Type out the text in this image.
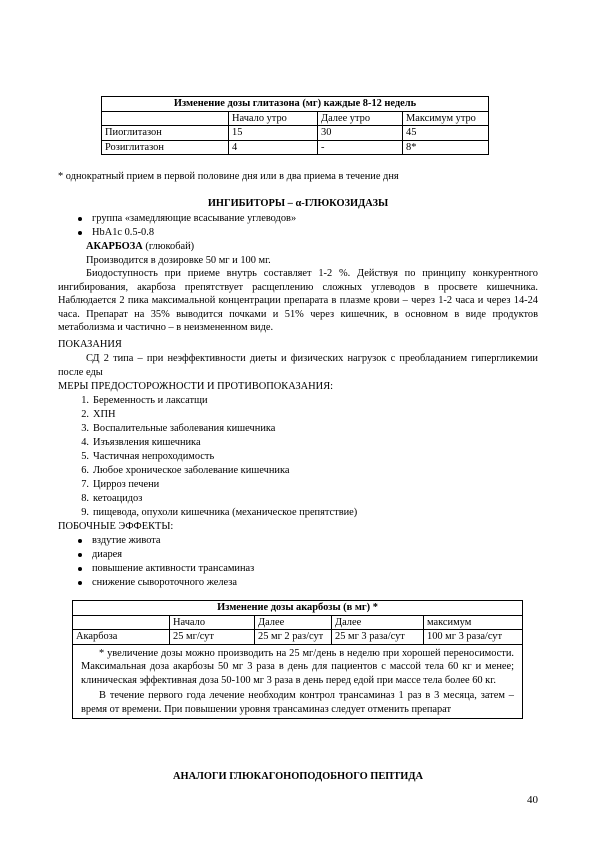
Изменение дозы глитазона (мг) каждые 8-12 недель			
	Начало утро	Далее утро	Максимум утро
Пиоглитазон	15	30	45
Розиглитазон	4	-	8*
* однократный прием в первой половине дня или в два приема в течение дня
ИНГИБИТОРЫ – α-ГЛЮКОЗИДАЗЫ
группа «замедляющие всасывание углеводов»
HbA1c 0.5-0.8
АКАРБОЗА (глюкобай)
Производится в дозировке 50 мг и 100 мг.
Биодоступность при приеме внутрь составляет 1-2 %. Действуя по принципу конкурентного ингибирования, акарбоза препятствует расщеплению сложных углеводов в просвете кишечника. Наблюдается 2 пика максимальной концентрации препарата в плазме крови – через 1-2 часа и через 14-24 часа. Препарат на 35% выводится почками и 51% через кишечник, в основном в виде продуктов метаболизма и частично – в неизмененном виде.
ПОКАЗАНИЯ
СД 2 типа – при неэффективности диеты и физических нагрузок с преобладанием гипергликемии после еды
МЕРЫ ПРЕДОСТОРОЖНОСТИ И ПРОТИВОПОКАЗАНИЯ:
1. Беременность и лаксатщи
2. ХПН
3. Воспалительные заболевания кишечника
4. Изъязвления кишечника
5. Частичная непроходимость
6. Любое хроническое заболевание кишечника
7. Цирроз печени
8. кетоацидоз
9. пищевода, опухоли кишечника (механическое препятствие)
ПОБОЧНЫЕ ЭФФЕКТЫ:
вздутие живота
диарея
повышение активности трансаминаз
снижение сывороточного железа
Изменение дозы акарбозы (в мг) *				
	Начало	Далее	Далее	максимум
Акарбоза	25 мг/сут	25 мг 2 раз/сут	25 мг 3 раза/сут	100 мг 3 раза/сут

* увеличение дозы можно производить на 25 мг/день в неделю при хорошей переносимости. Максимальная доза акарбозы 50 мг 3 раза в день для пациентов с массой тела 60 кг и менее; клиническая эффективная доза 50-100 мг 3 раза в день перед едой при массе тела более 60 кг.
В течение первого года лечение необходим контрол трансаминаз 1 раз в 3 месяца, затем – время от времени. При повышении уровня трансаминаз следует отменить препарат				
АНАЛОГИ ГЛЮКАГОНОПОДОБНОГО ПЕПТИДА
40
